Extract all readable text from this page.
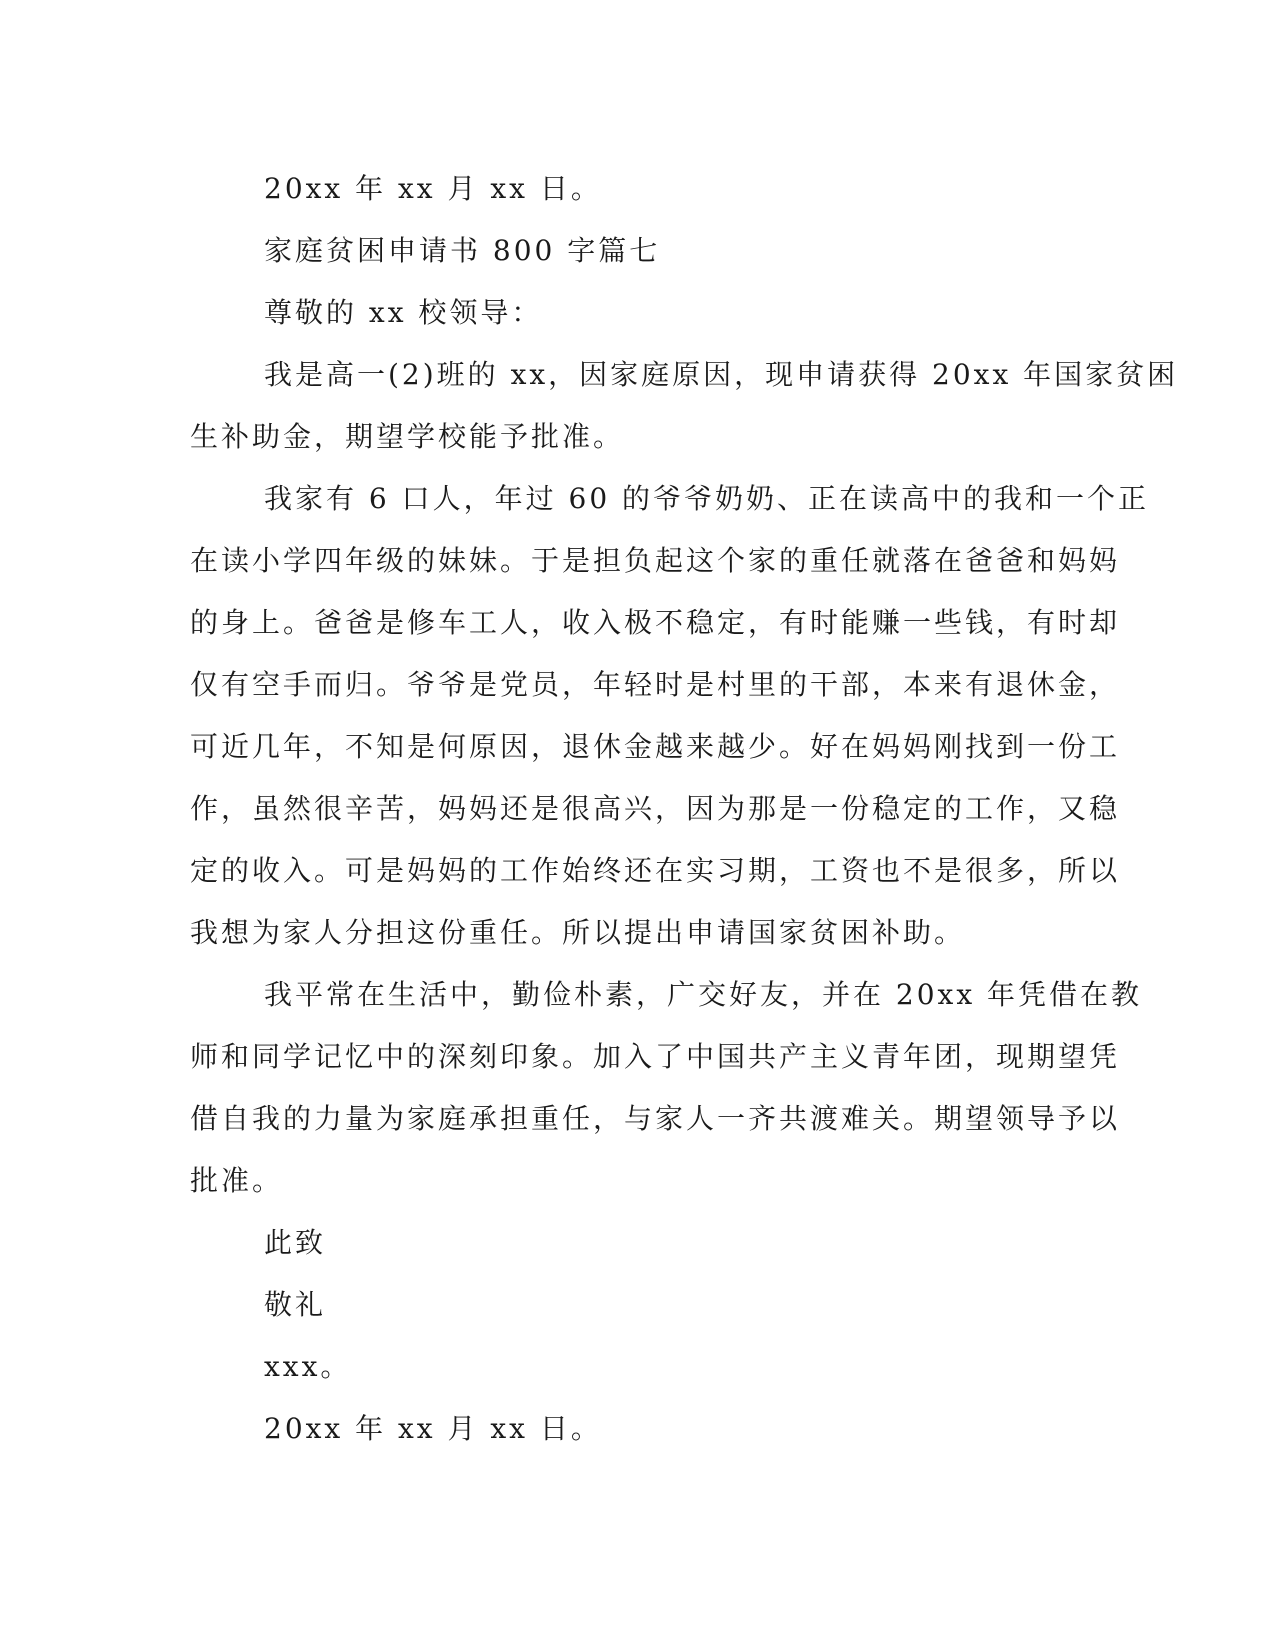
20xx 年 xx 月 xx 日。
家庭贫困申请书 800 字篇七
尊敬的 xx 校领导：
我是高一(2)班的 xx，因家庭原因，现申请获得 20xx 年国家贫困
生补助金，期望学校能予批准。
我家有 6 口人，年过 60 的爷爷奶奶、正在读高中的我和一个正
在读小学四年级的妹妹。于是担负起这个家的重任就落在爸爸和妈妈
的身上。爸爸是修车工人，收入极不稳定，有时能赚一些钱，有时却
仅有空手而归。爷爷是党员，年轻时是村里的干部，本来有退休金，
可近几年，不知是何原因，退休金越来越少。好在妈妈刚找到一份工
作，虽然很辛苦，妈妈还是很高兴，因为那是一份稳定的工作，又稳
定的收入。可是妈妈的工作始终还在实习期，工资也不是很多，所以
我想为家人分担这份重任。所以提出申请国家贫困补助。
我平常在生活中，勤俭朴素，广交好友，并在 20xx 年凭借在教
师和同学记忆中的深刻印象。加入了中国共产主义青年团，现期望凭
借自我的力量为家庭承担重任，与家人一齐共渡难关。期望领导予以
批准。
此致
敬礼
xxx。
20xx 年 xx 月 xx 日。
